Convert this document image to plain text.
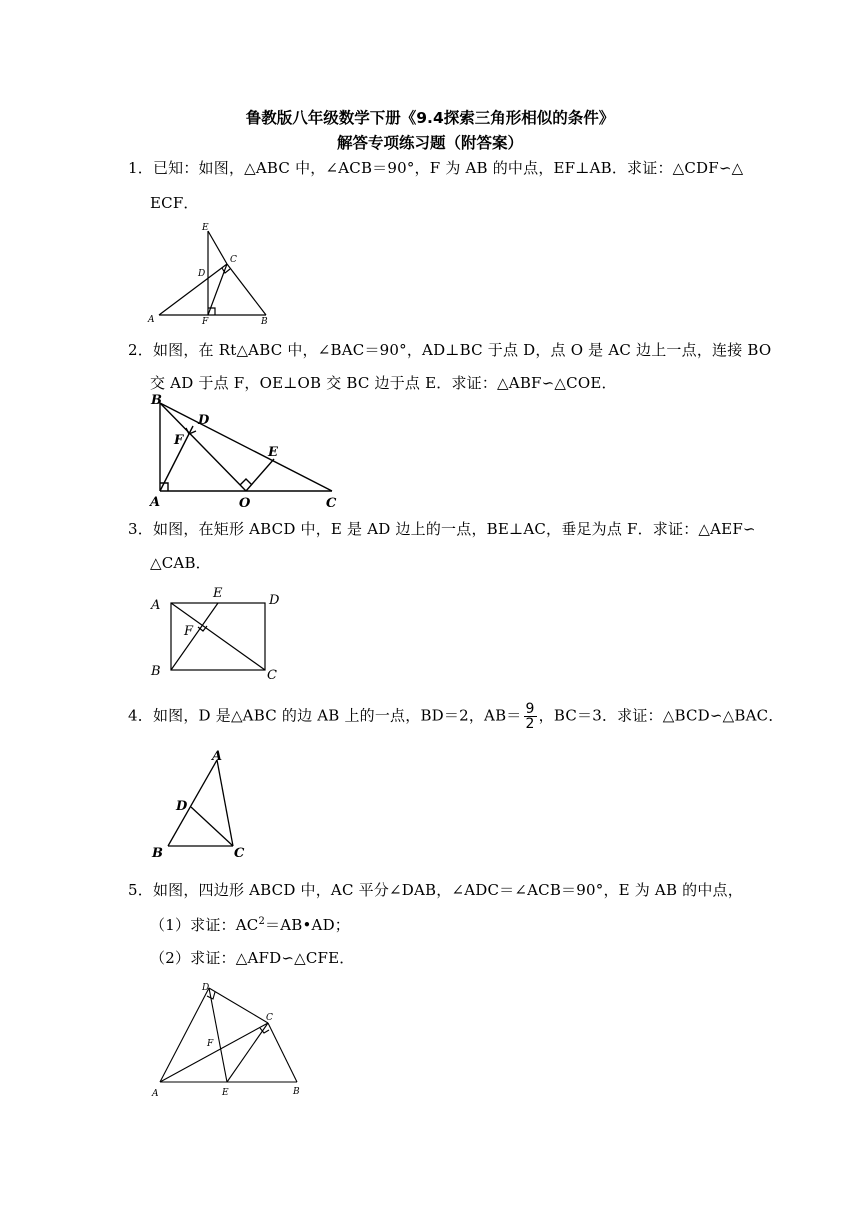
鲁教版八年级数学下册《9.4探索三角形相似的条件》
解答专项练习题（附答案）
1．已知：如图，△ABC 中，∠ACB＝90°，F 为 AB 的中点，EF⊥AB．求证：△CDF∽△
ECF．
E
C
D
A	F	B
2．如图，在 Rt△ABC 中，∠BAC＝90°，AD⊥BC 于点 D，点 O 是 AC 边上一点，连接 BO
交 AD 于点 F，OE⊥OB 交 BC 边于点 E．求证：△ABF∽△COE．
B
D
F
E
A	O	C
3．如图，在矩形 ABCD 中，E 是 AD 边上的一点，BE⊥AC，垂足为点 F．求证：△AEF∽
△CAB．
A
E	D
F
B	C
4．如图，D 是△ABC 的边 AB 上的一点，BD＝2，$AB= \frac{9}{2}$ ，BC＝3．求证：△BCD∽△BAC．
A
D
B	C
5．如图，四边形 ABCD 中，AC 平分∠DAB，∠ADC＝∠ACB＝90°，E 为 AB 的中点，
（1）求证：$AC^2=AB•AD$；
（2）求证：△AFD∽△CFE．
D
C
F
A	E	B
